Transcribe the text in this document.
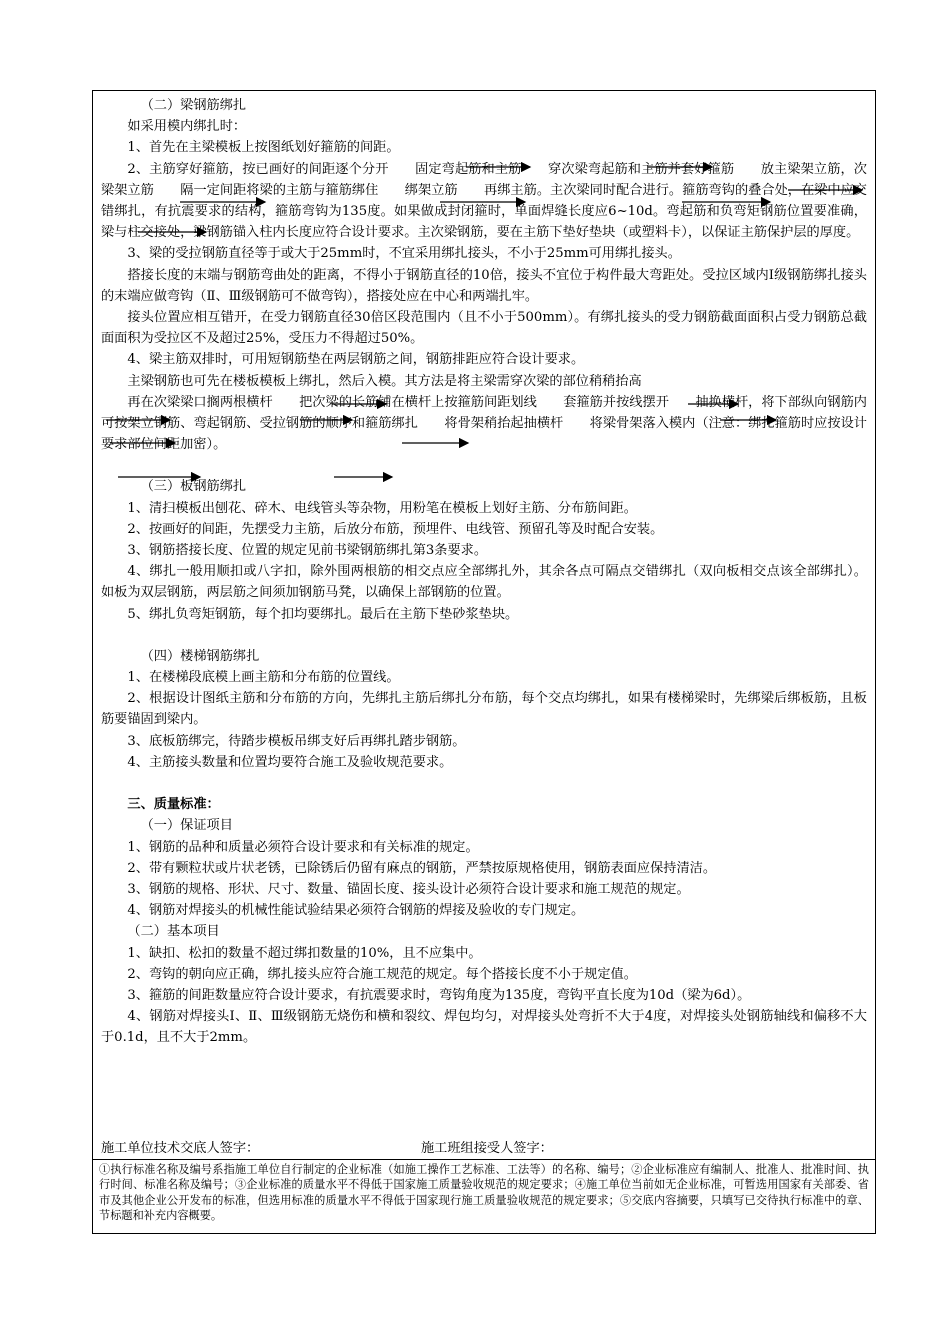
（二）梁钢筋绑扎

如采用模内绑扎时：

1、首先在主梁模板上按图纸划好箍筋的间距。

2、主筋穿好箍筋，按已画好的间距逐个分开　　固定弯起筋和主筋　　穿次梁弯起筋和主筋并套好箍筋　　放主梁架立筋，次梁架立筋　　隔一定间距将梁的主筋与箍筋绑住　　绑架立筋　　再绑主筋。主次梁同时配合进行。箍筋弯钩的叠合处，在梁中应交错绑扎，有抗震要求的结构，箍筋弯钩为135度。如果做成封闭箍时，单面焊缝长度应6~10d。弯起筋和负弯矩钢筋位置要准确，梁与柱交接处，梁钢筋锚入柱内长度应符合设计要求。主次梁钢筋，要在主筋下垫好垫块（或塑料卡），以保证主筋保护层的厚度。

3、梁的受拉钢筋直径等于或大于25mm时，不宜采用绑扎接头，不小于25mm可用绑扎接头。

搭接长度的末端与钢筋弯曲处的距离，不得小于钢筋直径的10倍，接头不宜位于构件最大弯距处。受拉区域内Ⅰ级钢筋绑扎接头的末端应做弯钩（Ⅱ、Ⅲ级钢筋可不做弯钩），搭接处应在中心和两端扎牢。

接头位置应相互错开，在受力钢筋直径30倍区段范围内（且不小于500mm）。有绑扎接头的受力钢筋截面面积占受力钢筋总截面面积为受拉区不及超过25%，受压力不得超过50%。

4、梁主筋双排时，可用短钢筋垫在两层钢筋之间，钢筋排距应符合设计要求。

主梁钢筋也可先在楼板模板上绑扎，然后入模。其方法是将主梁需穿次梁的部位稍稍抬高

再在次梁梁口搁两根横杆　　把次梁的长筋铺在横杆上按箍筋间距划线　　套箍筋并按线摆开　　抽换横杆，将下部纵向钢筋内　　可按架立钢筋、弯起钢筋、受拉钢筋的顺序和箍筋绑扎　　将骨架稍抬起抽横杆　　将梁骨架落入模内（注意：绑扎箍筋时应按设计要求部位间距加密）。

（三）板钢筋绑扎

1、清扫模板出刨花、碎木、电线管头等杂物，用粉笔在模板上划好主筋、分布筋间距。

2、按画好的间距，先摆受力主筋，后放分布筋，预埋件、电线管、预留孔等及时配合安装。

3、钢筋搭接长度、位置的规定见前书梁钢筋绑扎第3条要求。

4、绑扎一般用顺扣或八字扣，除外围两根筋的相交点应全部绑扎外，其余各点可隔点交错绑扎（双向板相交点该全部绑扎）。如板为双层钢筋，两层筋之间须加钢筋马凳，以确保上部钢筋的位置。

5、绑扎负弯矩钢筋，每个扣均要绑扎。最后在主筋下垫砂浆垫块。

（四）楼梯钢筋绑扎

1、在楼梯段底模上画主筋和分布筋的位置线。

2、根据设计图纸主筋和分布筋的方向，先绑扎主筋后绑扎分布筋，每个交点均绑扎，如果有楼梯梁时，先绑梁后绑板筋，且板筋要锚固到梁内。

3、底板筋绑完，待踏步模板吊绑支好后再绑扎踏步钢筋。

4、主筋接头数量和位置均要符合施工及验收规范要求。

三、质量标准：

（一）保证项目

1、钢筋的品种和质量必须符合设计要求和有关标准的规定。

2、带有颗粒状或片状老锈，已除锈后仍留有麻点的钢筋，严禁按原规格使用，钢筋表面应保持清洁。

3、钢筋的规格、形状、尺寸、数量、锚固长度、接头设计必须符合设计要求和施工规范的规定。

4、钢筋对焊接头的机械性能试验结果必须符合钢筋的焊接及验收的专门规定。

（二）基本项目

1、缺扣、松扣的数量不超过绑扣数量的10%，且不应集中。

2、弯钩的朝向应正确，绑扎接头应符合施工规范的规定。每个搭接长度不小于规定值。

3、箍筋的间距数量应符合设计要求，有抗震要求时，弯钩角度为135度，弯钩平直长度为10d（梁为6d）。

4、钢筋对焊接头Ⅰ、Ⅱ、Ⅲ级钢筋无烧伤和横和裂纹、焊包均匀，对焊接头处弯折不大于4度，对焊接头处钢筋轴线和偏移不大于0.1d，且不大于2mm。

施工单位技术交底人签字：	施工班组接受人签字：
①执行标准名称及编号系指施工单位自行制定的企业标准（如施工操作工艺标准、工法等）的名称、编号；②企业标准应有编制人、批准人、批准时间、执行时间、标准名称及编号；③企业标准的质量水平不得低于国家施工质量验收规范的规定要求；④施工单位当前如无企业标准，可暂选用国家有关部委、省市及其他企业公开发布的标准，但选用标准的质量水平不得低于国家现行施工质量验收规范的规定要求；⑤交底内容摘要，只填写已交待执行标准中的章、节标题和补充内容概要。
